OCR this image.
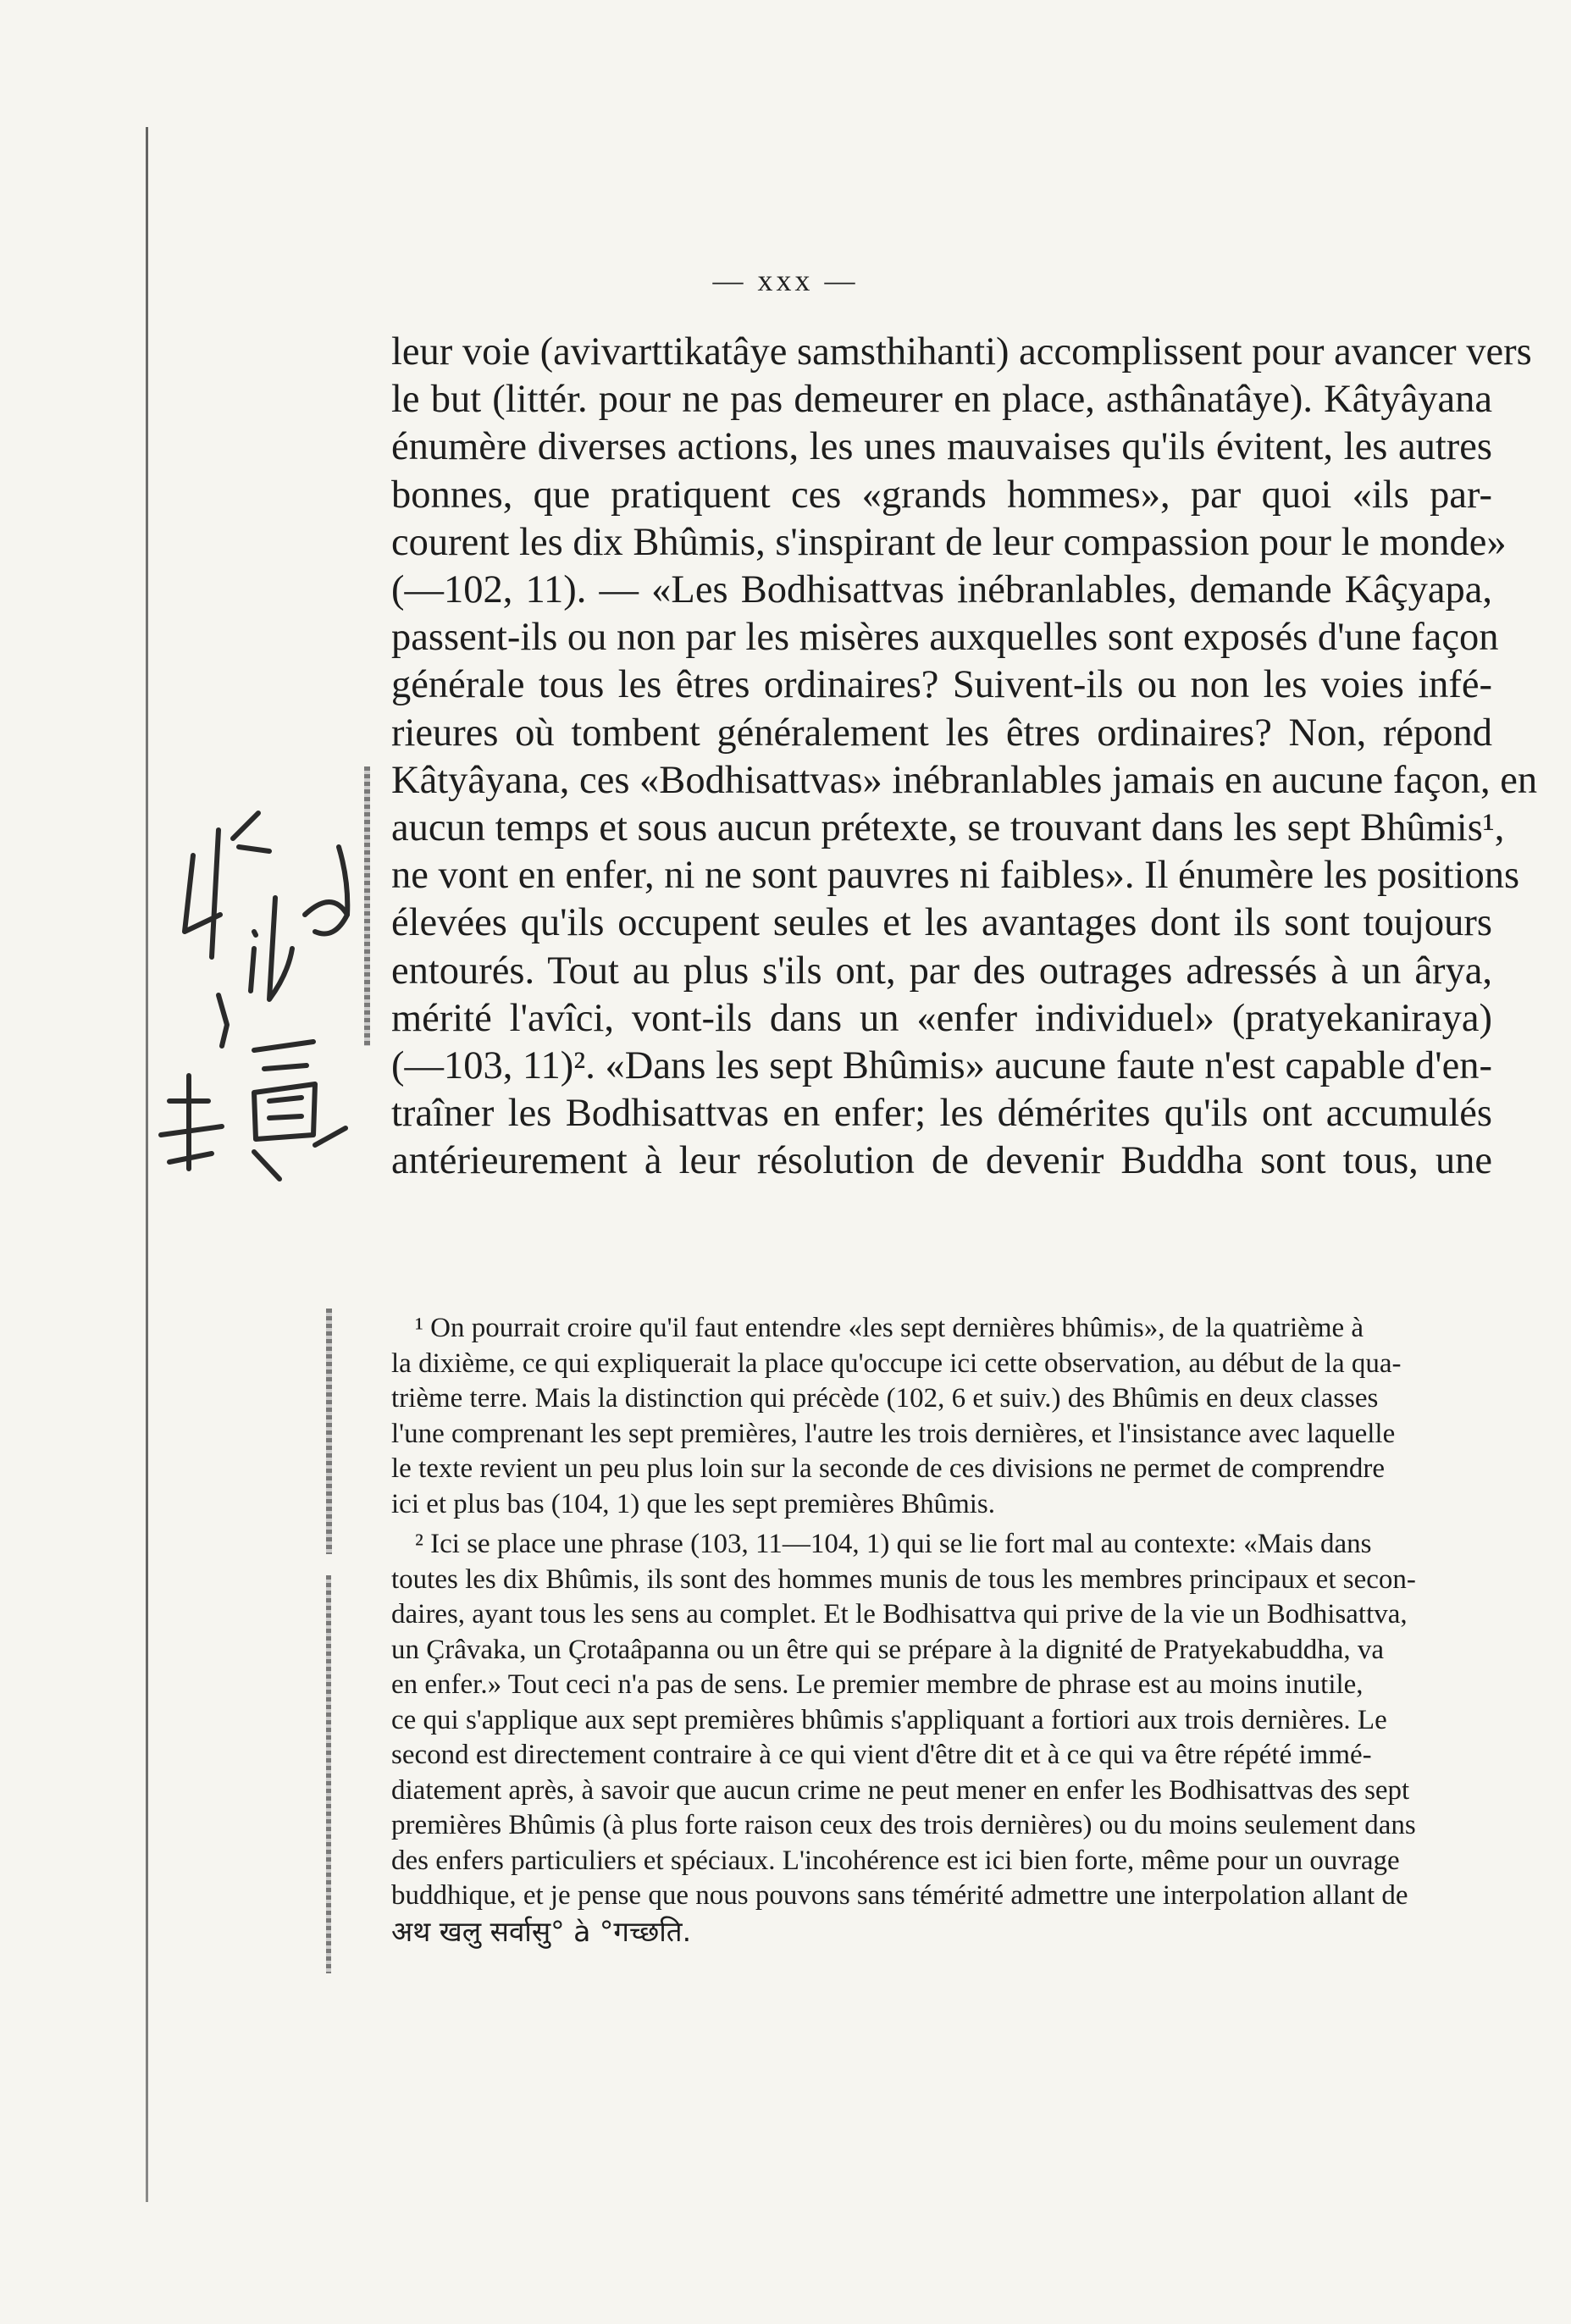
— xxx —

leur voie (avivarttikatâye samsthihanti) accomplissent pour avancer vers
le but (littér. pour ne pas demeurer en place, asthânatâye). Kâtyâyana
énumère diverses actions, les unes mauvaises qu'ils évitent, les autres
bonnes, que pratiquent ces «grands hommes», par quoi «ils par-
courent les dix Bhûmis, s'inspirant de leur compassion pour le monde»
(—102, 11). — «Les Bodhisattvas inébranlables, demande Kâçyapa,
passent-ils ou non par les misères auxquelles sont exposés d'une façon
générale tous les êtres ordinaires? Suivent-ils ou non les voies infé-
rieures où tombent généralement les êtres ordinaires? Non, répond
Kâtyâyana, ces «Bodhisattvas» inébranlables jamais en aucune façon, en
aucun temps et sous aucun prétexte, se trouvant dans les sept Bhûmis¹,
ne vont en enfer, ni ne sont pauvres ni faibles». Il énumère les positions
élevées qu'ils occupent seules et les avantages dont ils sont toujours
entourés. Tout au plus s'ils ont, par des outrages adressés à un ârya,
mérité l'avîci, vont-ils dans un «enfer individuel» (pratyekaniraya)
(—103, 11)². «Dans les sept Bhûmis» aucune faute n'est capable d'en-
traîner les Bodhisattvas en enfer; les démérites qu'ils ont accumulés
antérieurement à leur résolution de devenir Buddha sont tous, une

¹ On pourrait croire qu'il faut entendre «les sept dernières bhûmis», de la quatrième à
la dixième, ce qui expliquerait la place qu'occupe ici cette observation, au début de la qua-
trième terre. Mais la distinction qui précède (102, 6 et suiv.) des Bhûmis en deux classes
l'une comprenant les sept premières, l'autre les trois dernières, et l'insistance avec laquelle
le texte revient un peu plus loin sur la seconde de ces divisions ne permet de comprendre
ici et plus bas (104, 1) que les sept premières Bhûmis.
² Ici se place une phrase (103, 11—104, 1) qui se lie fort mal au contexte: «Mais dans
toutes les dix Bhûmis, ils sont des hommes munis de tous les membres principaux et secon-
daires, ayant tous les sens au complet. Et le Bodhisattva qui prive de la vie un Bodhisattva,
un Çrâvaka, un Çrotaâpanna ou un être qui se prépare à la dignité de Pratyekabuddha, va
en enfer.» Tout ceci n'a pas de sens. Le premier membre de phrase est au moins inutile,
ce qui s'applique aux sept premières bhûmis s'appliquant a fortiori aux trois dernières. Le
second est directement contraire à ce qui vient d'être dit et à ce qui va être répété immé-
diatement après, à savoir que aucun crime ne peut mener en enfer les Bodhisattvas des sept
premières Bhûmis (à plus forte raison ceux des trois dernières) ou du moins seulement dans
des enfers particuliers et spéciaux. L'incohérence est ici bien forte, même pour un ouvrage
buddhique, et je pense que nous pouvons sans témérité admettre une interpolation allant de
अथ खलु सर्वासु° à °गच्छति.
